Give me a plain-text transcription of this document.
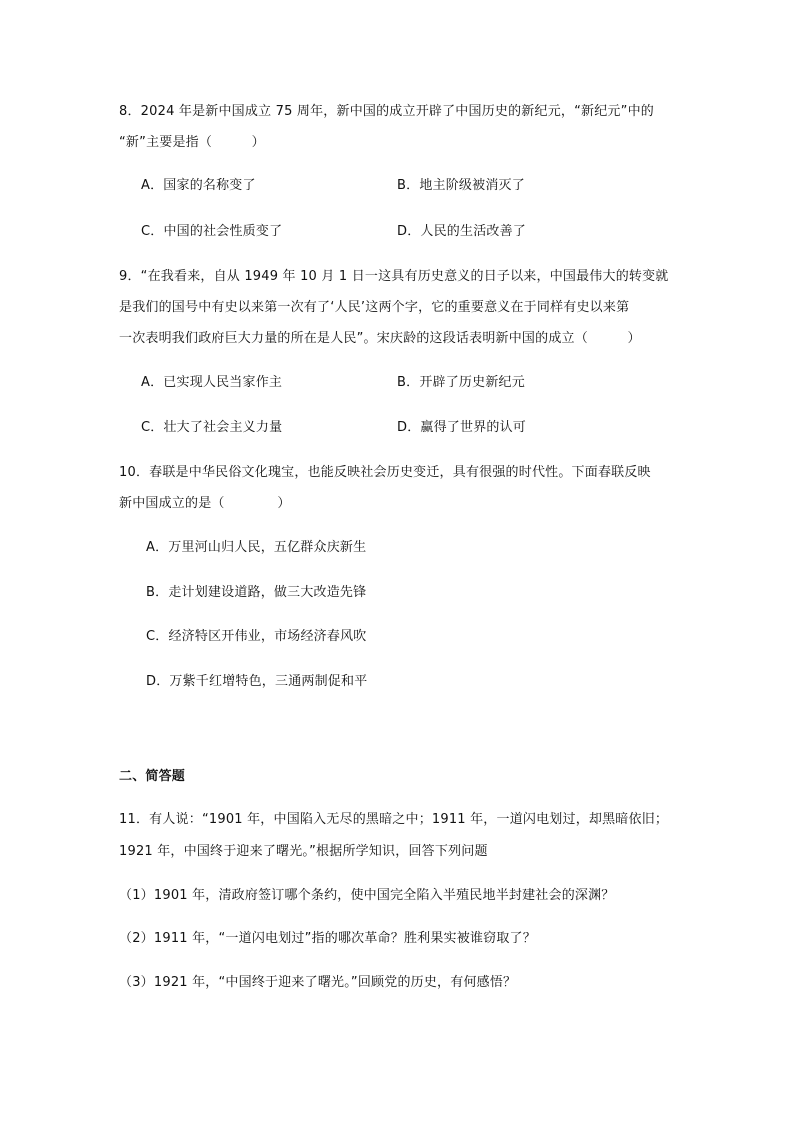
8．2024 年是新中国成立 75 周年，新中国的成立开辟了中国历史的新纪元，“新纪元”中的
“新”主要是指（　　　）
A．国家的名称变了	B．地主阶级被消灭了
C．中国的社会性质变了	D．人民的生活改善了
9．“在我看来，自从 1949 年 10 月 1 日一这具有历史意义的日子以来，中国最伟大的转变就
是我们的国号中有史以来第一次有了‘人民’这两个字，它的重要意义在于同样有史以来第
一次表明我们政府巨大力量的所在是人民”。宋庆龄的这段话表明新中国的成立（　　　）
A．已实现人民当家作主	B．开辟了历史新纪元
C．壮大了社会主义力量	D．赢得了世界的认可
10．春联是中华民俗文化瑰宝，也能反映社会历史变迁，具有很强的时代性。下面春联反映
新中国成立的是（　　　　）
A．万里河山归人民，五亿群众庆新生
B．走计划建设道路，做三大改造先锋
C．经济特区开伟业，市场经济春风吹
D．万紫千红增特色，三通两制促和平
二、简答题
11．有人说：“1901 年，中国陷入无尽的黑暗之中；1911 年，一道闪电划过，却黑暗依旧；
1921 年，中国终于迎来了曙光。”根据所学知识，回答下列问题
（1）1901 年，清政府签订哪个条约，使中国完全陷入半殖民地半封建社会的深渊？
（2）1911 年，“一道闪电划过”指的哪次革命？胜利果实被谁窃取了？
（3）1921 年，“中国终于迎来了曙光。”回顾党的历史，有何感悟？
